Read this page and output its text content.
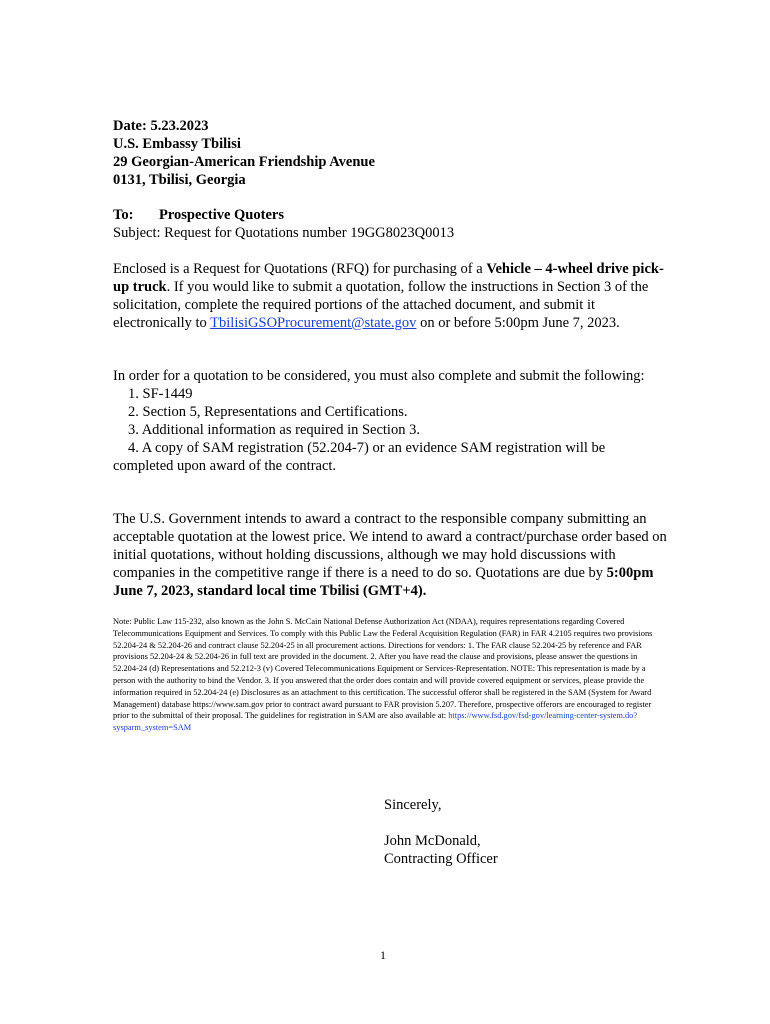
Date: 5.23.2023
U.S. Embassy Tbilisi
29 Georgian-American Friendship Avenue
0131, Tbilisi, Georgia
To: Prospective Quoters
Subject: Request for Quotations number 19GG8023Q0013
Enclosed is a Request for Quotations (RFQ) for purchasing of a Vehicle – 4-wheel drive pick-up truck. If you would like to submit a quotation, follow the instructions in Section 3 of the solicitation, complete the required portions of the attached document, and submit it electronically to TbilisiGSOProcurement@state.gov on or before 5:00pm June 7, 2023.
In order for a quotation to be considered, you must also complete and submit the following:
1. SF-1449
2. Section 5, Representations and Certifications.
3. Additional information as required in Section 3.
4. A copy of SAM registration (52.204-7) or an evidence SAM registration will be
completed upon award of the contract.
The U.S. Government intends to award a contract to the responsible company submitting an acceptable quotation at the lowest price. We intend to award a contract/purchase order based on initial quotations, without holding discussions, although we may hold discussions with companies in the competitive range if there is a need to do so. Quotations are due by 5:00pm June 7, 2023, standard local time Tbilisi (GMT+4).
Note: Public Law 115-232, also known as the John S. McCain National Defense Authorization Act (NDAA), requires representations regarding Covered Telecommunications Equipment and Services. To comply with this Public Law the Federal Acquisition Regulation (FAR) in FAR 4.2105 requires two provisions 52.204-24 & 52.204-26 and contract clause 52.204-25 in all procurement actions. Directions for vendors: 1. The FAR clause 52.204-25 by reference and FAR provisions 52.204-24 & 52.204-26 in full text are provided in the document. 2. After you have read the clause and provisions, please answer the questions in 52.204-24 (d) Representations and 52.212-3 (v) Covered Telecommunications Equipment or Services-Representation. NOTE: This representation is made by a person with the authority to bind the Vendor. 3. If you answered that the order does contain and will provide covered equipment or services, please provide the information required in 52.204-24 (e) Disclosures as an attachment to this certification. The successful offeror shall be registered in the SAM (System for Award Management) database https://www.sam.gov prior to contract award pursuant to FAR provision 5.207. Therefore, prospective offerors are encouraged to register prior to the submittal of their proposal. The guidelines for registration in SAM are also available at: https://www.fsd.gov/fsd-gov/learning-center-system.do?sysparm_system=SAM
Sincerely,
John McDonald,
Contracting Officer
1
